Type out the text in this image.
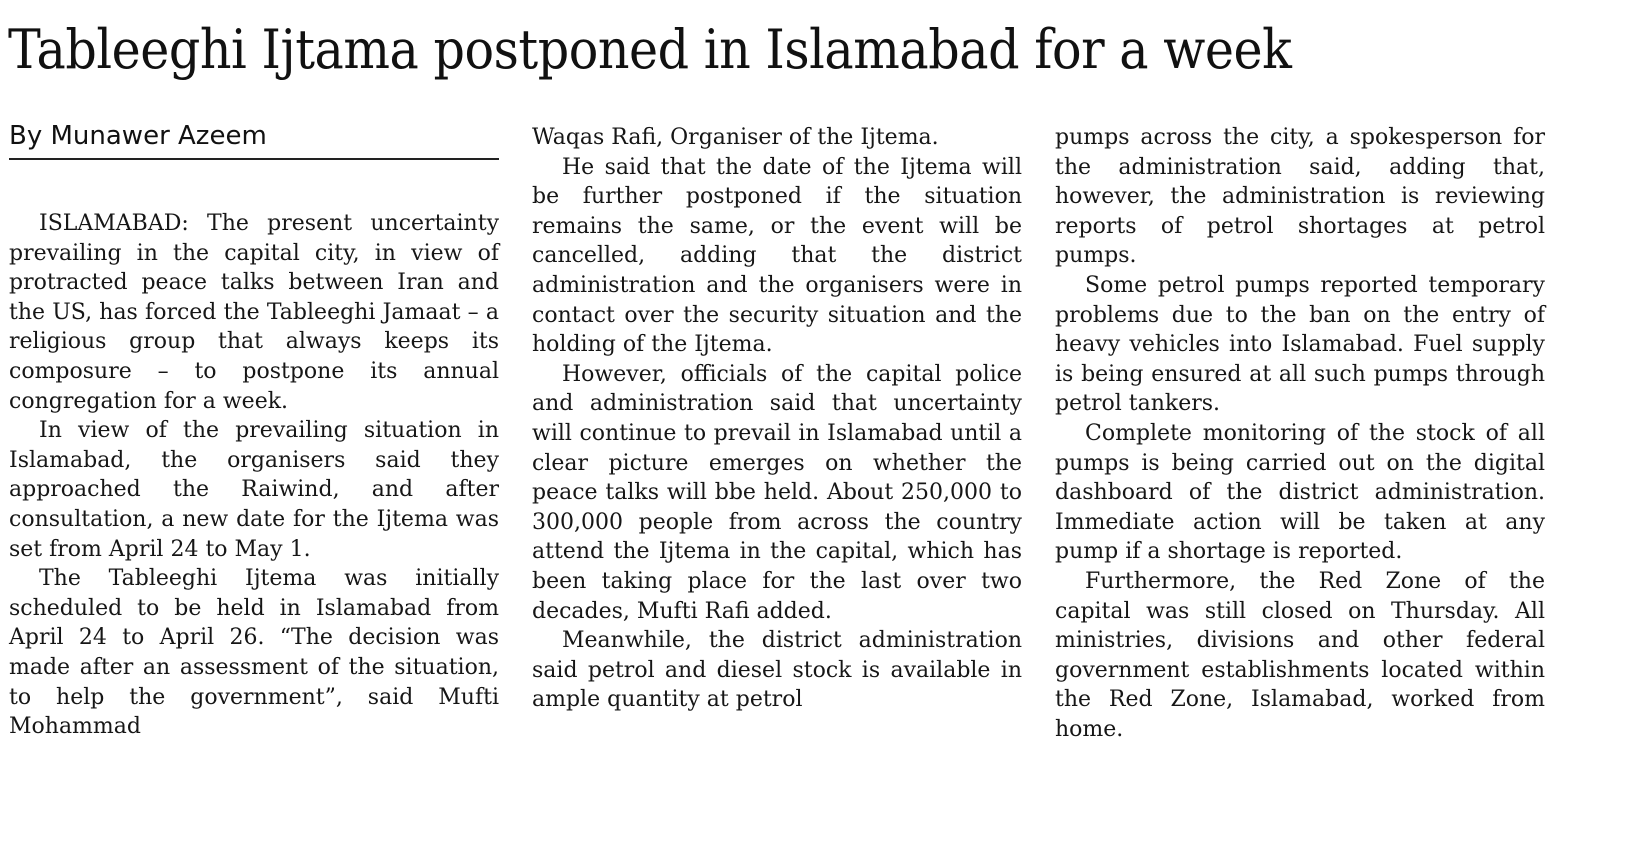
Tableeghi Ijtama postponed in Islamabad for a week
By Munawer Azeem

ISLAMABAD: The present uncertainty prevailing in the capital city, in view of protracted peace talks between Iran and the US, has forced the Tableeghi Jamaat – a religious group that always keeps its composure – to postpone its annual congregation for a week.

In view of the prevailing situation in Islamabad, the organisers said they approached the Raiwind, and after consultation, a new date for the Ijtema was set from April 24 to May 1.

The Tableeghi Ijtema was initially scheduled to be held in Islamabad from April 24 to April 26. “The decision was made after an assessment of the situation, to help the government”, said Mufti Mohammad

Waqas Rafi, Organiser of the Ijtema.

He said that the date of the Ijtema will be further postponed if the situation remains the same, or the event will be cancelled, adding that the district administration and the organisers were in contact over the security situation and the holding of the Ijtema.

However, officials of the capital police and administration said that uncertainty will continue to prevail in Islamabad until a clear picture emerges on whether the peace talks will bbe held. About 250,000 to 300,000 people from across the country attend the Ijtema in the capital, which has been taking place for the last over two decades, Mufti Rafi added.

Meanwhile, the district administration said petrol and diesel stock is available in ample quantity at petrol

pumps across the city, a spokesperson for the administration said, adding that, however, the administration is reviewing reports of petrol shortages at petrol pumps.

Some petrol pumps reported temporary problems due to the ban on the entry of heavy vehicles into Islamabad. Fuel supply is being ensured at all such pumps through petrol tankers.

Complete monitoring of the stock of all pumps is being carried out on the digital dashboard of the district administration. Immediate action will be taken at any pump if a shortage is reported.

Furthermore, the Red Zone of the capital was still closed on Thursday. All ministries, divisions and other federal government establishments located within the Red Zone, Islamabad, worked from home.
